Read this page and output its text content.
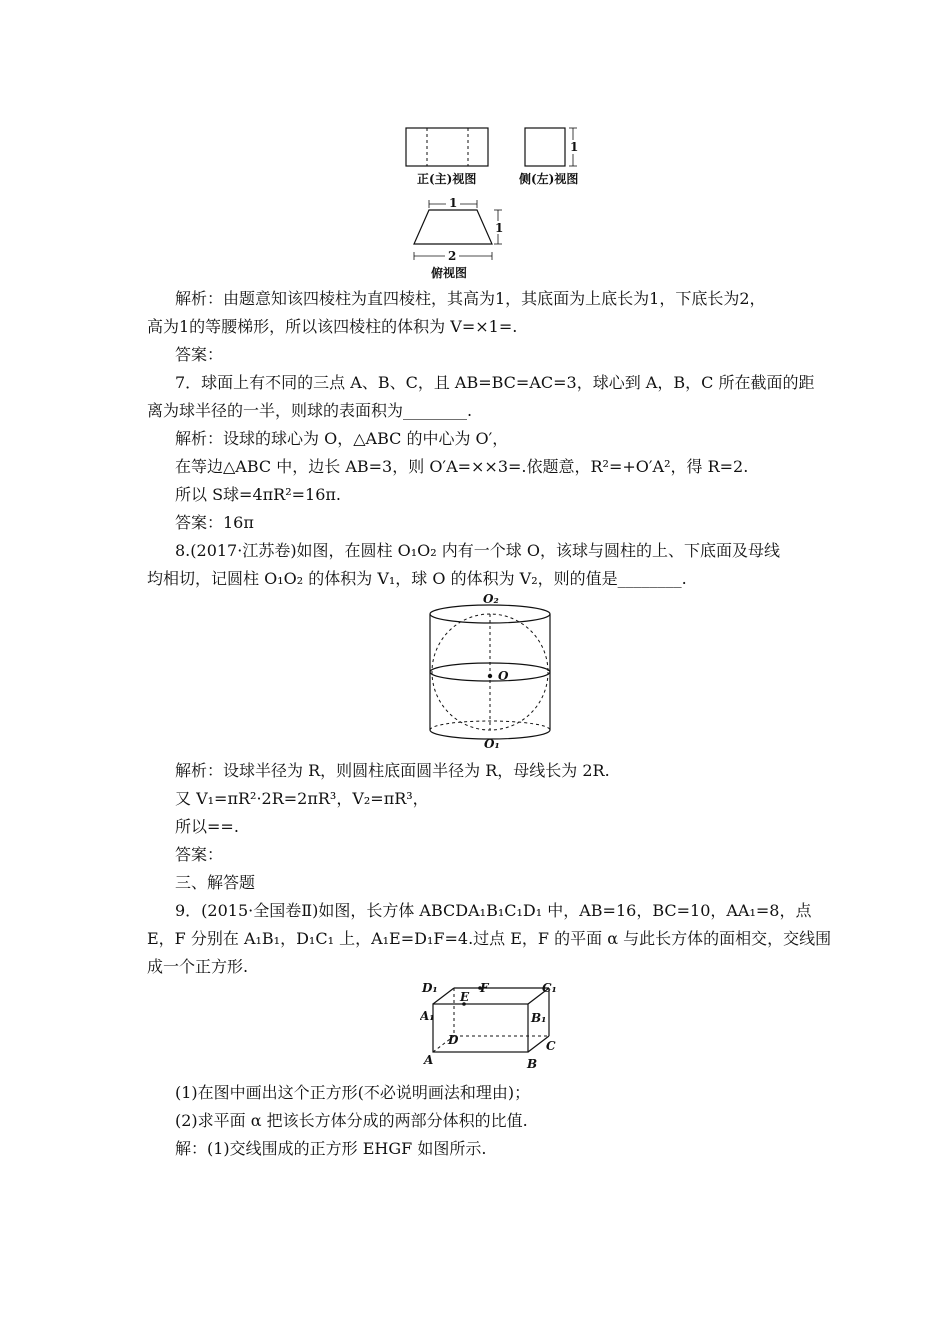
正(主)视图
1
侧(左)视图
1
1
2
俯视图
解析：由题意知该四棱柱为直四棱柱，其高为1，其底面为上底长为1，下底长为2，
高为1的等腰梯形，所以该四棱柱的体积为 V=×1=.
答案：
7．球面上有不同的三点 A、B、C，且 AB=BC=AC=3，球心到 A，B，C 所在截面的距
离为球半径的一半，则球的表面积为________.
解析：设球的球心为 O，△ABC 的中心为 O′，
在等边△ABC 中，边长 AB=3，则 O′A=××3=.依题意，R²=+O′A²，得 R=2.
所以 S球=4πR²=16π.
答案：16π
8.(2017·江苏卷)如图，在圆柱 O₁O₂ 内有一个球 O，该球与圆柱的上、下底面及母线
均相切，记圆柱 O₁O₂ 的体积为 V₁，球 O 的体积为 V₂，则的值是________.
O₂
O
O₁
解析：设球半径为 R，则圆柱底面圆半径为 R，母线长为 2R.
又 V₁=πR²·2R=2πR³，V₂=πR³，
所以==.
答案：
三、解答题
9．(2015·全国卷Ⅱ)如图，长方体 ABCDA₁B₁C₁D₁ 中，AB=16，BC=10，AA₁=8，点
E，F 分别在 A₁B₁，D₁C₁ 上，A₁E=D₁F=4.过点 E，F 的平面 α 与此长方体的面相交，交线围
成一个正方形.
D₁	F	C₁
A₁
E
B₁
D	C
A	B
(1)在图中画出这个正方形(不必说明画法和理由)；
(2)求平面 α 把该长方体分成的两部分体积的比值.
解：(1)交线围成的正方形 EHGF 如图所示.
